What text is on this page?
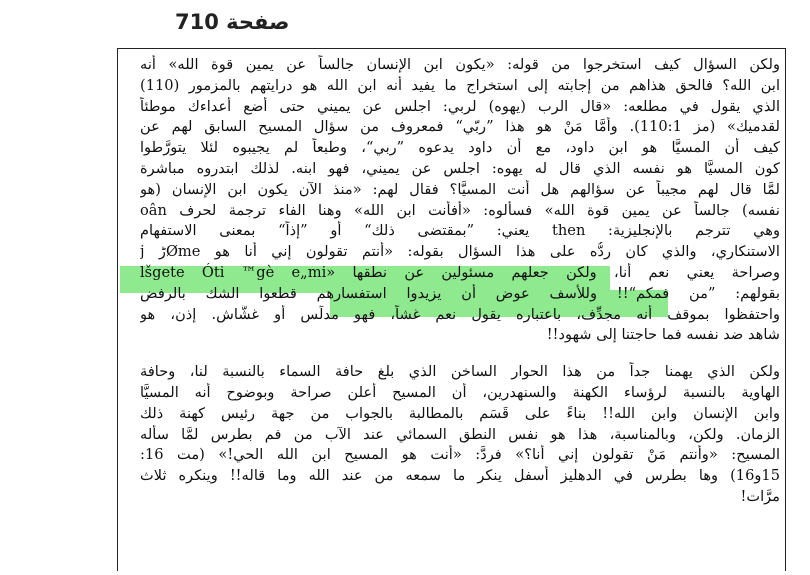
صفحة 710
ولكن السؤال كيف استخرجوا من قوله: «يكون ابن الإنسان جالساً عن يمين قوة الله» أنه
ابن الله؟ فالحق هذاهم من إجابته إلى استخراج ما يفيد أنه ابن الله هو درايتهم بالمزمور (110)
الذي يقول في مطلعه: «قال الرب (يهوه) لربي: اجلس عن يميني حتى أضع أعداءك موطئاً
لقدميك» (مز 110:1). وأمَّا مَنْ هو هذا ”ربّي“ فمعروف من سؤال المسيح السابق لهم عن
كيف أن المسيَّا هو ابن داود، مع أن داود يدعوه ”ربي“، وطبعاً لم يجيبوه لئلا يتورَّطوا
كون المسيَّا هو نفسه الذي قال له يهوه: اجلس عن يميني، فهو ابنه. لذلك ابتدروه مباشرة
لمَّا قال لهم مجيباً عن سؤالهم هل أنت المسيَّا؟ فقال لهم: «منذ الآن يكون ابن الإنسان (هو
نفسه) جالساً عن يمين قوة الله» فسألوه: «أفأنت ابن الله» وهنا الفاء ترجمة لحرف oân
وهي تترجم بالإنجليزية: then يعني: ”بمقتضى ذلك“ أو ”إذاً“ بمعنى الاستفهام
الاستنكاري، والذي كان ردُّه على هذا السؤال بقوله: «أنتم تقولون إني أنا هو Ømeڑ j
lšgete Óti ™gè e„mi» وصراحة يعني نعم أنا، ولكن جعلهم مسئولين عن نطقها
بقولهم: ”من فمكم“!! وللأسف عوض أن يزيدوا استفسارهم قطعوا الشك بالرفض
واحتفظوا بموقف أنه مجدِّف، باعتباره يقول نعم غشاً، فهو مدلِّس أو غشَّاش. إذن، هو
شاهد ضد نفسه فما حاجتنا إلى شهود!!
ولكن الذي يهمنا جداً من هذا الحوار الساخن الذي بلغ حافة السماء بالنسبة لنا، وحافة
الهاوية بالنسبة لرؤساء الكهنة والسنهدرين، أن المسيح أعلن صراحة وبوضوح أنه المسيَّا
وابن الإنسان وابن الله!! بناءً على قَسَم بالمطالبة بالجواب من جهة رئيس كهنة ذلك
الزمان. ولكن، وبالمناسبة، هذا هو نفس النطق السمائي عند الآب من فم بطرس لمَّا سأله
المسيح: «وأنتم مَنْ تقولون إني أنا؟» فردَّ: «أنت هو المسيح ابن الله الحي!» (مت 16:
15و16) وها بطرس في الدهليز أسفل ينكر ما سمعه من عند الله وما قاله!! وينكره ثلاث
مرَّات!
